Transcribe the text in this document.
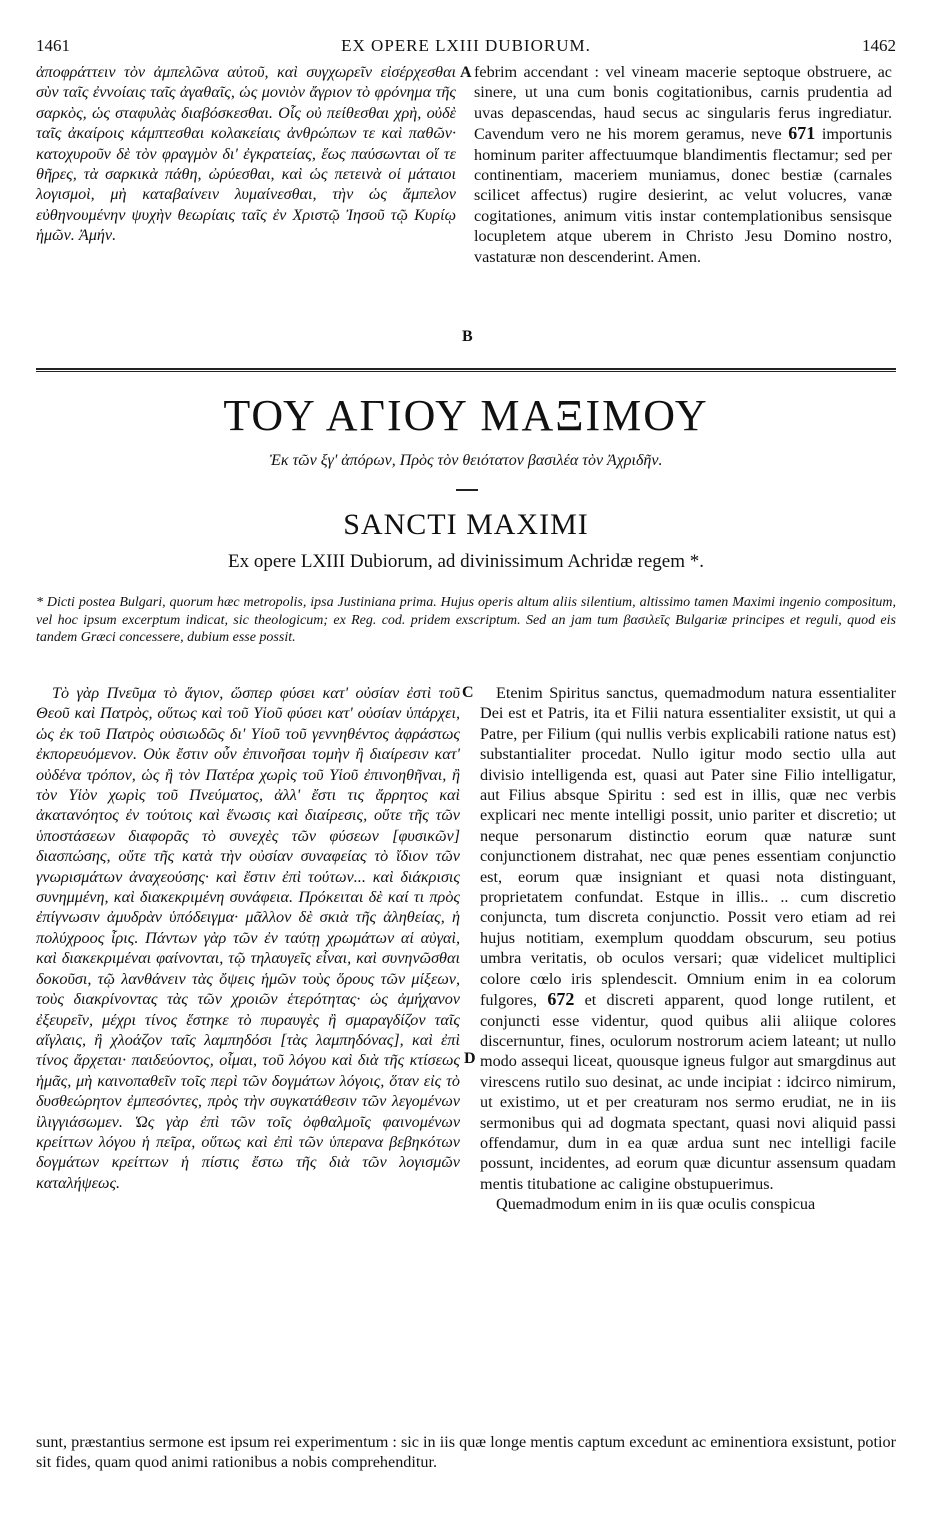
1461	EX OPERE LXIII DUBIORUM.	1462

ἀποφράττειν τὸν ἀμπελῶνα αὐτοῦ, καὶ συγχωρεῖν εἰσέρχεσθαι σὺν ταῖς ἐννοίαις ταῖς ἀγαθαῖς, ὡς μονιὸν ἄγριον τὸ φρόνημα τῆς σαρκὸς, ὡς σταφυλὰς διαβόσκεσθαι. Οἷς οὐ πείθεσθαι χρὴ, οὐδὲ ταῖς ἀκαίροις κάμπτεσθαι κολακείαις ἀνθρώπων τε καὶ παθῶν· κατοχυροῦν δὲ τὸν φραγμὸν δι' ἐγκρατείας, ἕως παύσωνται οἵ τε θῆρες, τὰ σαρκικὰ πάθη, ὠρύεσθαι, καὶ ὡς πετεινὰ οἱ μάταιοι λογισμοὶ, μὴ καταβαίνειν λυμαίνεσθαι, τὴν ὡς ἄμπελον εὐθηνουμένην ψυχὴν θεωρίαις ταῖς ἐν Χριστῷ Ἰησοῦ τῷ Κυρίῳ ἡμῶν. Ἀμήν.

A
B

febrim accendant : vel vineam macerie septoque obstruere, ac sinere, ut una cum bonis cogitationibus, carnis prudentia ad uvas depascendas, haud secus ac singularis ferus ingrediatur. Cavendum vero ne his morem geramus, neve 671 importunis hominum pariter affectuumque blandimentis flectamur; sed per continentiam, maceriem muniamus, donec bestiæ (carnales scilicet affectus) rugire desierint, ac velut volucres, vanæ cogitationes, animum vitis instar contemplationibus sensisque locupletem atque uberem in Christo Jesu Domino nostro, vastaturæ non descenderint. Amen.

ΤΟΥ ΑΓΙΟΥ ΜΑΞΙΜΟΥ
Ἐκ τῶν ξγ' ἀπόρων, Πρὸς τὸν θειότατον βασιλέα τὸν Ἀχριδῆν.
SANCTI MAXIMI
Ex opere LXIII Dubiorum, ad divinissimum Achridæ regem *.
* Dicti postea Bulgari, quorum hæc metropolis, ipsa Justiniana prima. Hujus operis altum aliis silentium, altissimo tamen Maximi ingenio compositum, vel hoc ipsum excerptum indicat, sic theologicum; ex Reg. cod. pridem exscriptum. Sed an jam tum βασιλεῖς Bulgariæ principes et reguli, quod eis tandem Græci concessere, dubium esse possit.

Τὸ γὰρ Πνεῦμα τὸ ἅγιον, ὥσπερ φύσει κατ' οὐσίαν ἐστὶ τοῦ Θεοῦ καὶ Πατρὸς, οὕτως καὶ τοῦ Υἱοῦ φύσει κατ' οὐσίαν ὑπάρχει, ὡς ἐκ τοῦ Πατρὸς οὐσιωδῶς δι' Υἱοῦ τοῦ γεννηθέντος ἀφράστως ἐκπορευόμενον. Οὐκ ἔστιν οὖν ἐπινοῆσαι τομὴν ἢ διαίρεσιν κατ' οὐδένα τρόπον, ὡς ἢ τὸν Πατέρα χωρὶς τοῦ Υἱοῦ ἐπινοηθῆναι, ἢ τὸν Υἱὸν χωρὶς τοῦ Πνεύματος, ἀλλ' ἔστι τις ἄρρητος καὶ ἀκατανόητος ἐν τούτοις καὶ ἕνωσις καὶ διαίρεσις, οὔτε τῆς τῶν ὑποστάσεων διαφορᾶς τὸ συνεχὲς τῶν φύσεων [φυσικῶν] διασπώσης, οὔτε τῆς κατὰ τὴν οὐσίαν συναφείας τὸ ἴδιον τῶν γνωρισμάτων ἀναχεούσης· καὶ ἔστιν ἐπὶ τούτων... καὶ διάκρισις συνημμένη, καὶ διακεκριμένη συνάφεια. Πρόκειται δὲ καί τι πρὸς ἐπίγνωσιν ἀμυδρὰν ὑπόδειγμα· μᾶλλον δὲ σκιὰ τῆς ἀληθείας, ἡ πολύχροος ἶρις. Πάντων γὰρ τῶν ἐν ταύτῃ χρωμάτων αἱ αὐγαὶ, καὶ διακεκριμέναι φαίνονται, τῷ τηλαυγεῖς εἶναι, καὶ συνηνῶσθαι δοκοῦσι, τῷ λανθάνειν τὰς ὄψεις ἡμῶν τοὺς ὅρους τῶν μίξεων, τοὺς διακρίνοντας τὰς τῶν χροιῶν ἑτερότητας· ὡς ἀμήχανον ἐξευρεῖν, μέχρι τίνος ἕστηκε τὸ πυραυγὲς ἢ σμαραγδίζον ταῖς αἴγλαις, ἢ χλοάζον ταῖς λαμπηδόσι [τὰς λαμπηδόνας], καὶ ἐπὶ τίνος ἄρχεται· παιδεύοντος, οἶμαι, τοῦ λόγου καὶ διὰ τῆς κτίσεως ἡμᾶς, μὴ καινοπαθεῖν τοῖς περὶ τῶν δογμάτων λόγοις, ὅταν εἰς τὸ δυσθεώρητον ἐμπεσόντες, πρὸς τὴν συγκατάθεσιν τῶν λεγομένων ἰλιγγιάσωμεν. Ὡς γὰρ ἐπὶ τῶν τοῖς ὀφθαλμοῖς φαινομένων κρείττων λόγου ἡ πεῖρα, οὕτως καὶ ἐπὶ τῶν ὑπερανα βεβηκότων δογμάτων κρείττων ἡ πίστις ἔστω τῆς διὰ τῶν λογισμῶν καταλήψεως.

C
D

Etenim Spiritus sanctus, quemadmodum natura essentialiter Dei est et Patris, ita et Filii natura essentialiter exsistit, ut qui a Patre, per Filium (qui nullis verbis explicabili ratione natus est) substantialiter procedat. Nullo igitur modo sectio ulla aut divisio intelligenda est, quasi aut Pater sine Filio intelligatur, aut Filius absque Spiritu : sed est in illis, quæ nec verbis explicari nec mente intelligi possit, unio pariter et discretio; ut neque personarum distinctio eorum quæ naturæ sunt conjunctionem distrahat, nec quæ penes essentiam conjunctio est, eorum quæ insigniant et quasi nota distinguant, proprietatem confundat. Estque in illis.. .. cum discretio conjuncta, tum discreta conjunctio. Possit vero etiam ad rei hujus notitiam, exemplum quoddam obscurum, seu potius umbra veritatis, ob oculos versari; quæ videlicet multiplici colore cœlo iris splendescit. Omnium enim in ea colorum fulgores, 672 et discreti apparent, quod longe rutilent, et conjuncti esse videntur, quod quibus alii aliique colores discernuntur, fines, oculorum nostrorum aciem lateant; ut nullo modo assequi liceat, quousque igneus fulgor aut smargdinus aut virescens rutilo suo desinat, ac unde incipiat : idcirco nimirum, ut existimo, ut et per creaturam nos sermo erudiat, ne in iis sermonibus qui ad dogmata spectant, quasi novi aliquid passi offendamur, dum in ea quæ ardua sunt nec intelligi facile possunt, incidentes, ad eorum quæ dicuntur assensum quadam mentis titubatione ac caligine obstupuerimus.

Quemadmodum enim in iis quæ oculis conspicua

sunt, præstantius sermone est ipsum rei experimentum : sic in iis quæ longe mentis captum excedunt ac eminentiora exsistunt, potior sit fides, quam quod animi rationibus a nobis comprehenditur.
